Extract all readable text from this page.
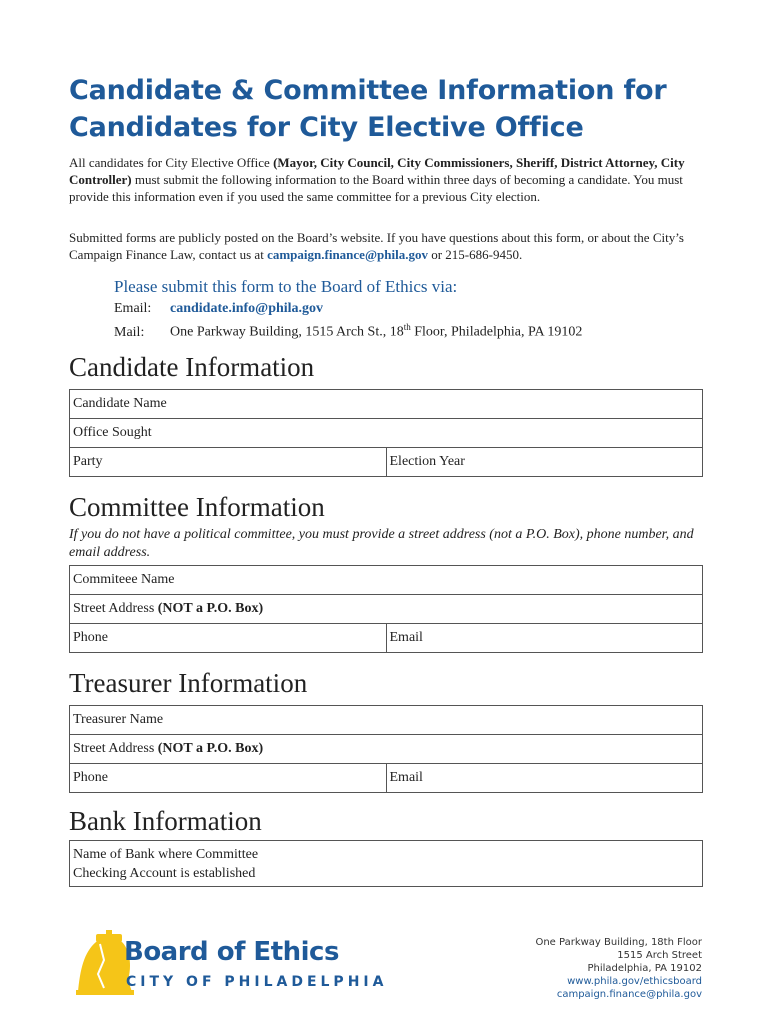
Candidate & Committee Information for Candidates for City Elective Office

All candidates for City Elective Office (Mayor, City Council, City Commissioners, Sheriff, District Attorney, City Controller) must submit the following information to the Board within three days of becoming a candidate. You must provide this information even if you used the same committee for a previous City election.

Submitted forms are publicly posted on the Board’s website. If you have questions about this form, or about the City’s Campaign Finance Law, contact us at campaign.finance@phila.gov or 215-686-9450.

Please submit this form to the Board of Ethics via:

Email: candidate.info@phila.gov
Mail: One Parkway Building, 1515 Arch St., 18th Floor, Philadelphia, PA 19102
Candidate Information
Candidate Name
Office Sought
Party	Election Year
Committee Information

If you do not have a political committee, you must provide a street address (not a P.O. Box), phone number, and email address.

Commiteee Name
Street Address (NOT a P.O. Box)
Phone	Email
Treasurer Information
Treasurer Name
Street Address (NOT a P.O. Box)
Phone	Email
Bank Information
Name of Bank where Committee
Checking Account is established

Board of Ethics

CITY OF PHILADELPHIA

One Parkway Building, 18th Floor
1515 Arch Street
Philadelphia, PA 19102
www.phila.gov/ethicsboard
campaign.finance@phila.gov
